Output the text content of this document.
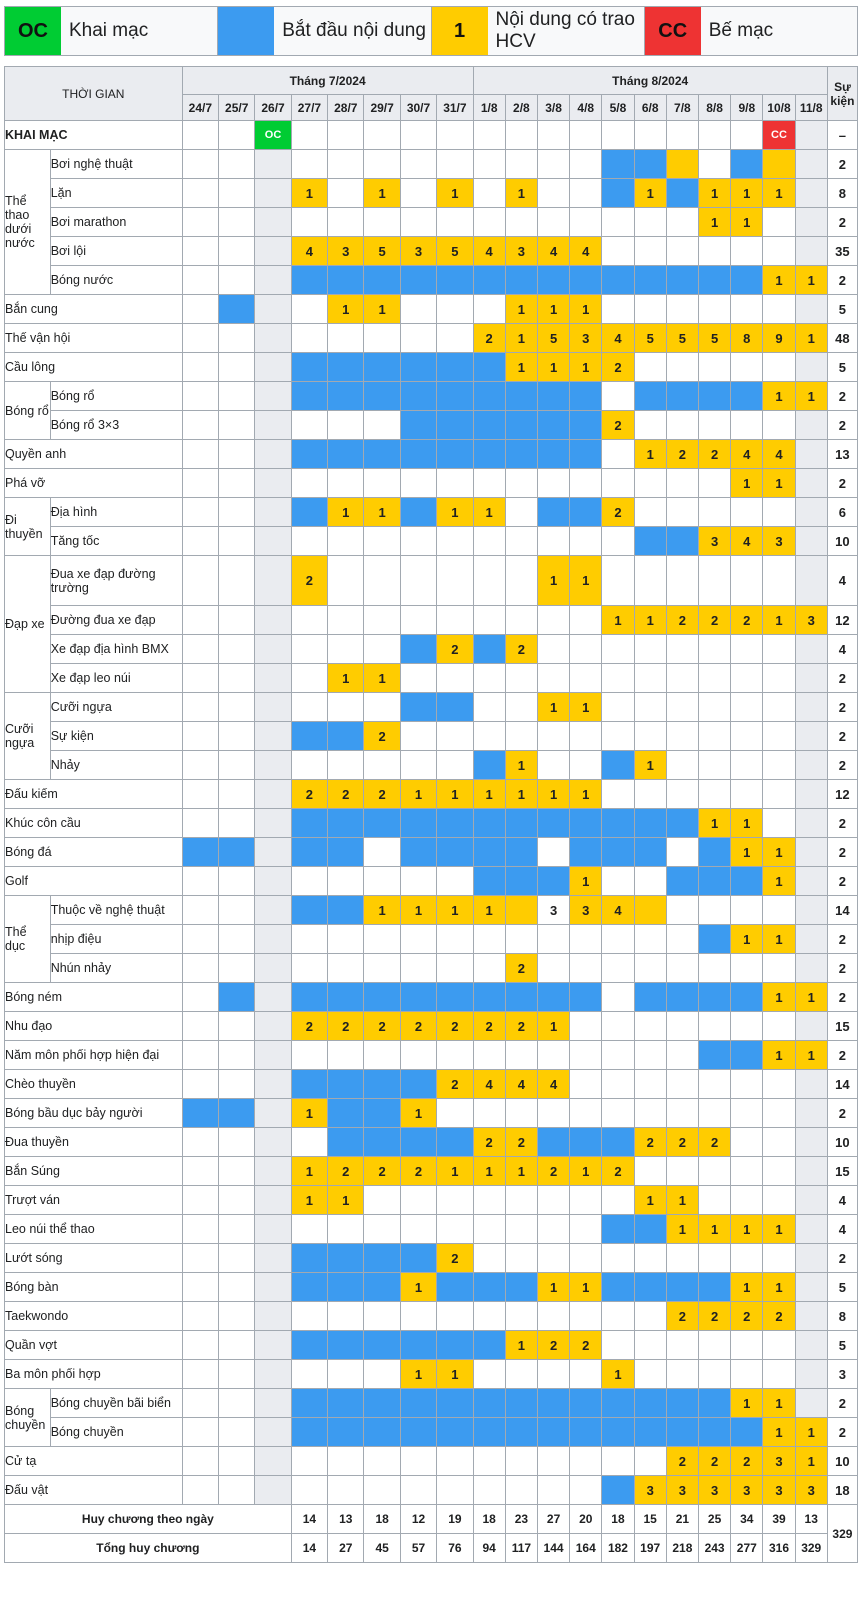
OC	Khai mạc	Bắt đầu nội dung	1	Nội dung có trao HCV	CC	Bế mạc
THỜI GIAN		Tháng 7/2024								Tháng 8/2024											Sự kiện
		24/7	25/7	26/7	27/7	28/7	29/7	30/7	31/7	1/8	2/8	3/8	4/8	5/8	6/8	7/8	8/8	9/8	10/8	11/8	
KHAI MẠC				OC															CC		–
Thể thao dưới nước	Bơi nghệ thuật																				2
	Lặn				1		1		1		1				1		1	1	1		8
	Bơi marathon																1	1			2
	Bơi lội				4	3	5	3	5	4	3	4	4								35
	Bóng nước																		1	1	2
Bắn cung						1	1				1	1	1								5
Thế vận hội										2	1	5	3	4	5	5	5	8	9	1	48
Cầu lông											1	1	1	2							5
Bóng rổ	Bóng rổ																		1	1	2
	Bóng rổ 3×3													2							2
Quyền anh															1	2	2	4	4		13
Phá vỡ																		1	1		2
Đi thuyền	Địa hình					1	1		1	1				2							6
	Tăng tốc																3	4	3		10
Đạp xe	Đua xe đạp đường trường				2							1	1								4
	Đường đua xe đạp													1	1	2	2	2	1	3	12
	Xe đạp địa hình BMX								2		2										4
	Xe đạp leo núi					1	1														2
Cưỡi ngựa	Cưỡi ngựa											1	1								2
	Sự kiện						2														2
	Nhảy										1				1						2
Đấu kiếm					2	2	2	1	1	1	1	1	1								12
Khúc côn cầu																	1	1			2
Bóng đá																		1	1		2
Golf													1						1		2
Thể dục	Thuộc về nghệ thuật						1	1	1	1		3	3	4							14
	nhịp điệu																	1	1		2
	Nhún nhảy										2										2
Bóng ném																			1	1	2
Nhu đạo					2	2	2	2	2	2	2	1									15
Năm môn phối hợp hiện đại																			1	1	2
Chèo thuyền									2	4	4	4									14
Bóng bầu dục bảy người					1			1													2
Đua thuyền										2	2				2	2	2				10
Bắn Súng					1	2	2	2	1	1	1	2	1	2							15
Trượt ván					1	1									1	1					4
Leo núi thể thao																1	1	1	1		4
Lướt sóng									2												2
Bóng bàn								1				1	1					1	1		5
Taekwondo																2	2	2	2		8
Quần vợt											1	2	2								5
Ba môn phối hợp								1	1					1							3
Bóng chuyền	Bóng chuyền bãi biển																	1	1		2
	Bóng chuyền																		1	1	2
Cử tạ																2	2	2	3	1	10
Đấu vật															3	3	3	3	3	3	18
Huy chương theo ngày					14	13	18	12	19	18	23	27	20	18	15	21	25	34	39	13	329
Tổng huy chương					14	27	45	57	76	94	117	144	164	182	197	218	243	277	316	329	
